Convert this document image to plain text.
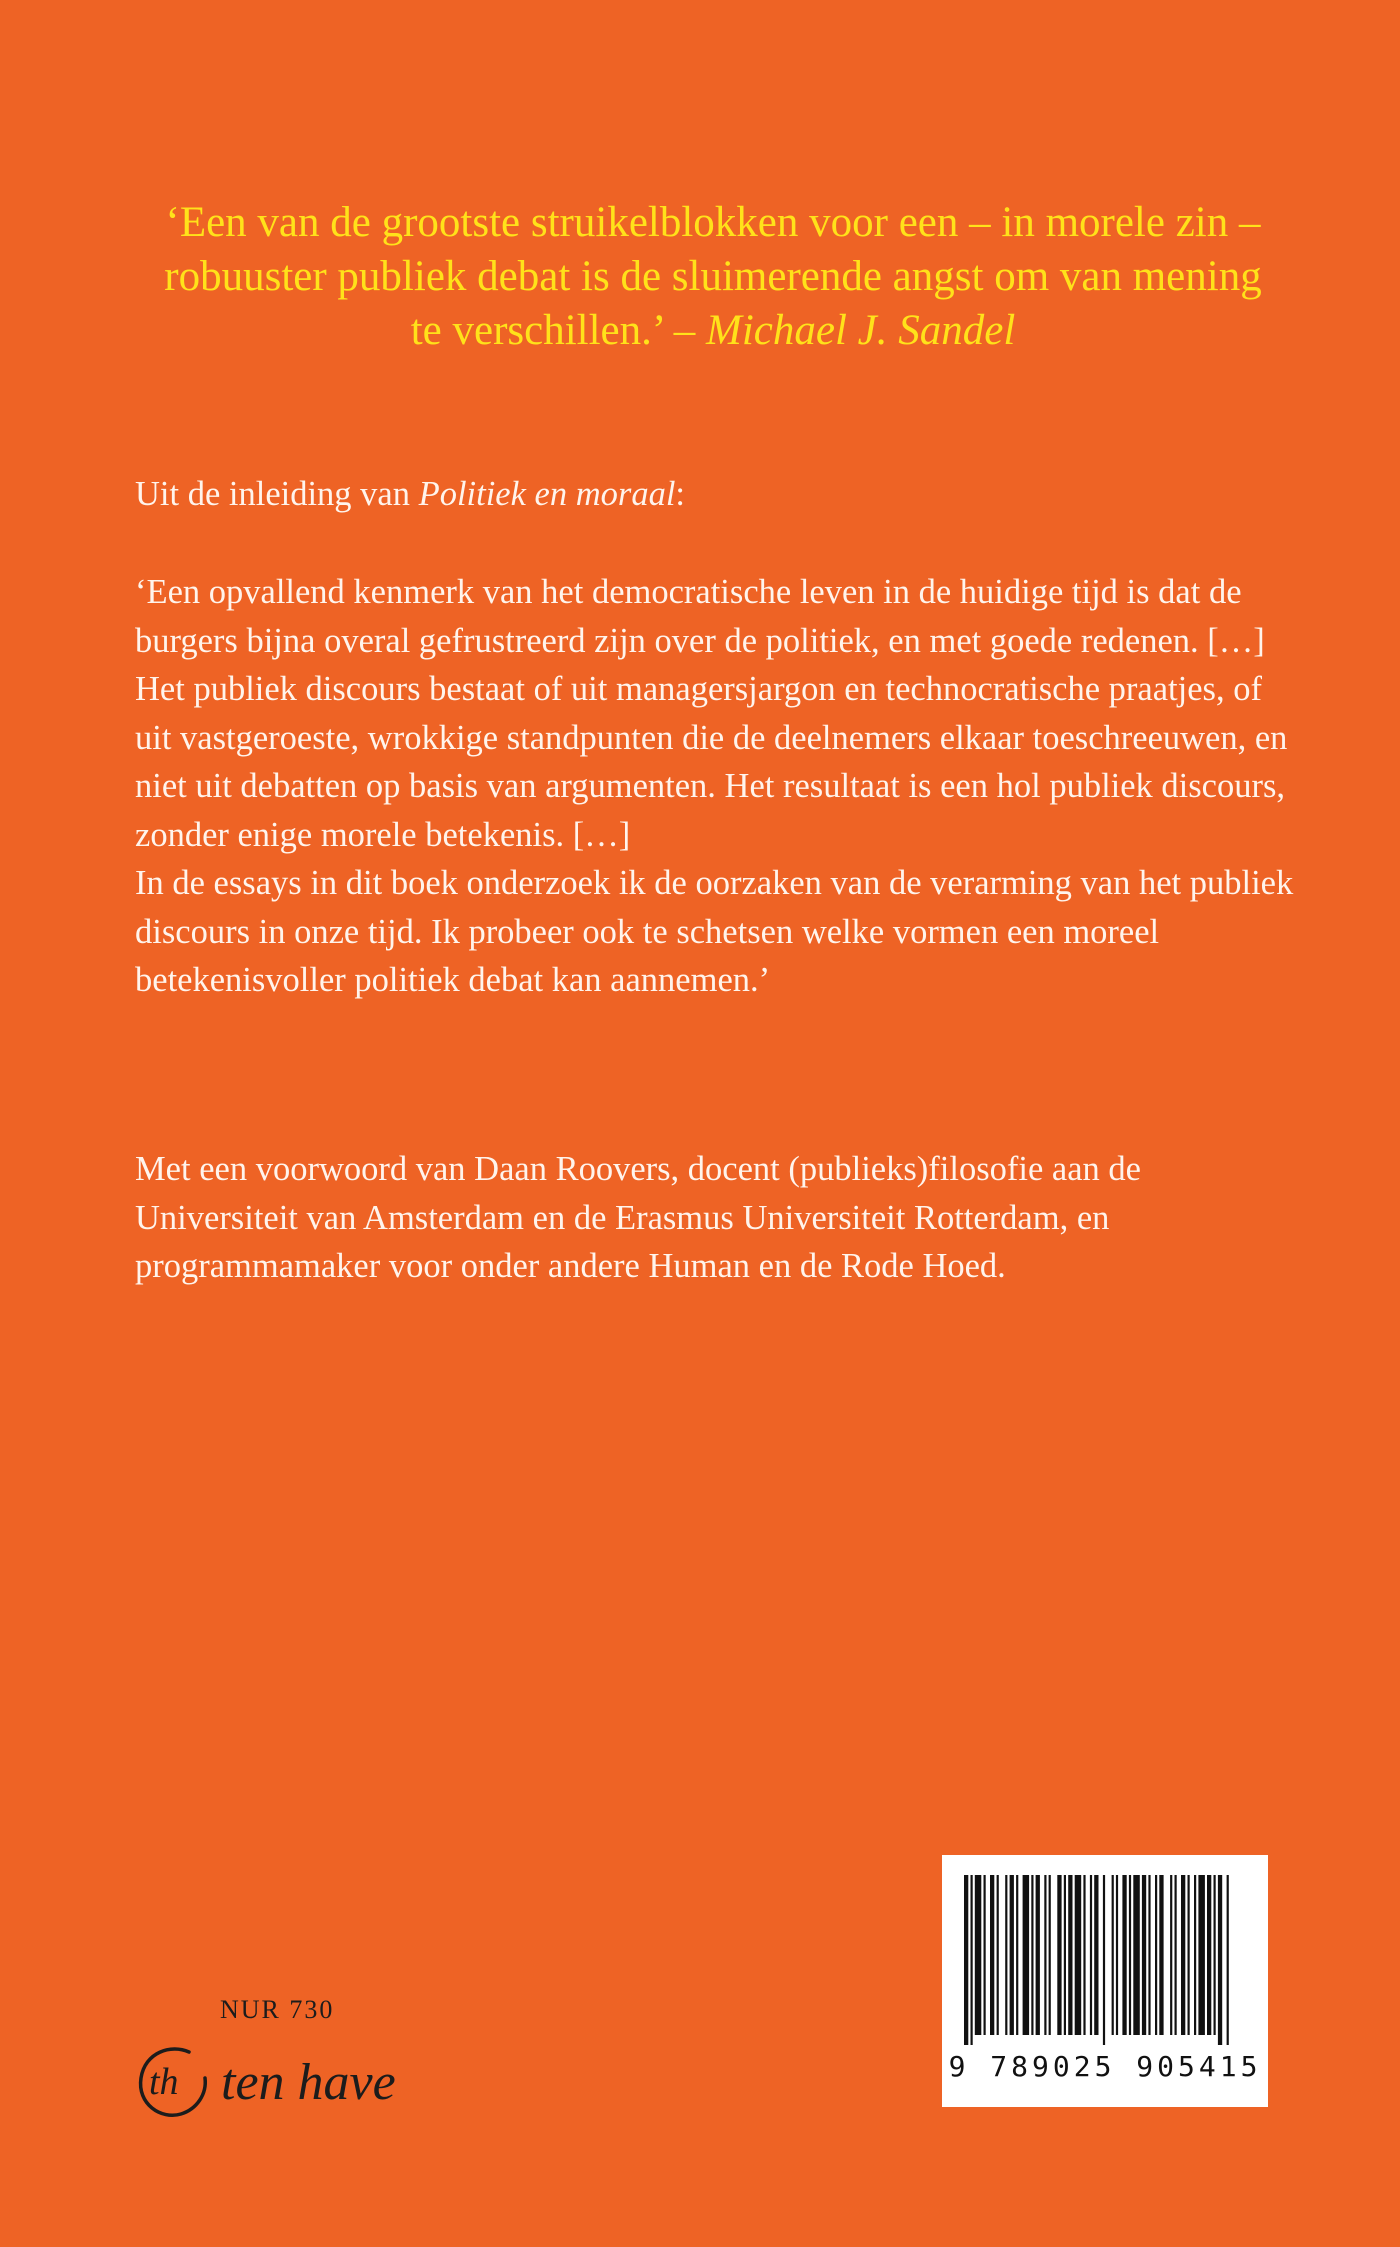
‘Een van de grootste struikelblokken voor een – in morele zin – robuuster publiek debat is de sluimerende angst om van mening te verschillen.’ – Michael J. Sandel
Uit de inleiding van Politiek en moraal:

‘Een opvallend kenmerk van het democratische leven in de huidige tijd is dat de burgers bijna overal gefrustreerd zijn over de politiek, en met goede redenen. […]

Het publiek discours bestaat of uit managersjargon en technocratische praatjes, of uit vastgeroeste, wrokkige standpunten die de deelnemers elkaar toeschreeuwen, en niet uit debatten op basis van argumenten. Het resultaat is een hol publiek discours, zonder enige morele betekenis. […]

In de essays in dit boek onderzoek ik de oorzaken van de verarming van het publiek discours in onze tijd. Ik probeer ook te schetsen welke vormen een moreel betekenisvoller politiek debat kan aannemen.’

Met een voorwoord van Daan Roovers, docent (publieks)filosofie aan de Universiteit van Amsterdam en de Erasmus Universiteit Rotterdam, en programmamaker voor onder andere Human en de Rode Hoed.
NUR 730
th ten have	9 789025 905415
